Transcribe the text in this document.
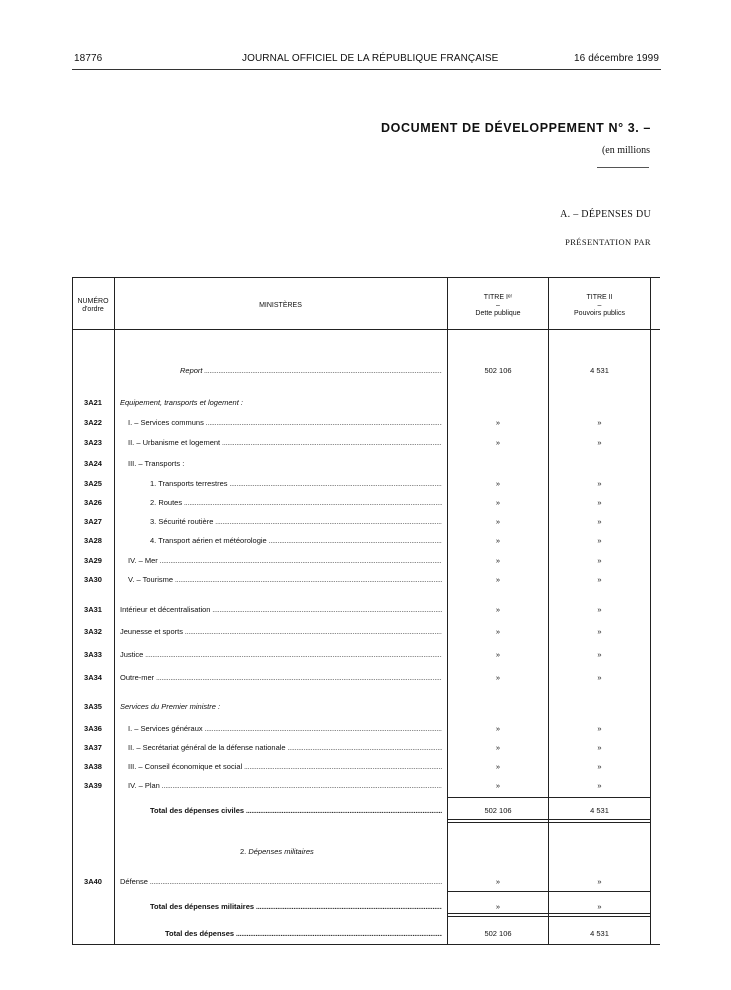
18776	JOURNAL OFFICIEL DE LA RÉPUBLIQUE FRANÇAISE	16 décembre 1999
DOCUMENT DE DÉVELOPPEMENT N° 3. –
(en millions
A. – DÉPENSES DU
PRÉSENTATION PAR
NUMÉRO
d'ordre
MINISTÈRES
TITRE Iᵉʳ
–
Dette publique
TITRE II
–
Pouvoirs publics
Report .....	502 106	4 531
3A21	Equipement, transports et logement :
3A22	I. – Services communs .....	»	»
3A23	II. – Urbanisme et logement .....	»	»
3A24	III. – Transports :
3A25	1. Transports terrestres .....	»	»
3A26	2. Routes .....	»	»
3A27	3. Sécurité routière .....	»	»
3A28	4. Transport aérien et météorologie .....	»	»
3A29	IV. – Mer .....	»	»
3A30	V. – Tourisme .....	»	»
3A31	Intérieur et décentralisation .....	»	»
3A32	Jeunesse et sports .....	»	»
3A33	Justice .....	»	»
3A34	Outre-mer .....	»	»
3A35	Services du Premier ministre :
3A36	I. – Services généraux .....	»	»
3A37	II. – Secrétariat général de la défense nationale .....	»	»
3A38	III. – Conseil économique et social .....	»	»
3A39	IV. – Plan .....	»	»
Total des dépenses civiles .....	502 106	4 531
2. Dépenses militaires
3A40	Défense .....	»	»
Total des dépenses militaires .....	»	»
Total des dépenses .....	502 106	4 531
